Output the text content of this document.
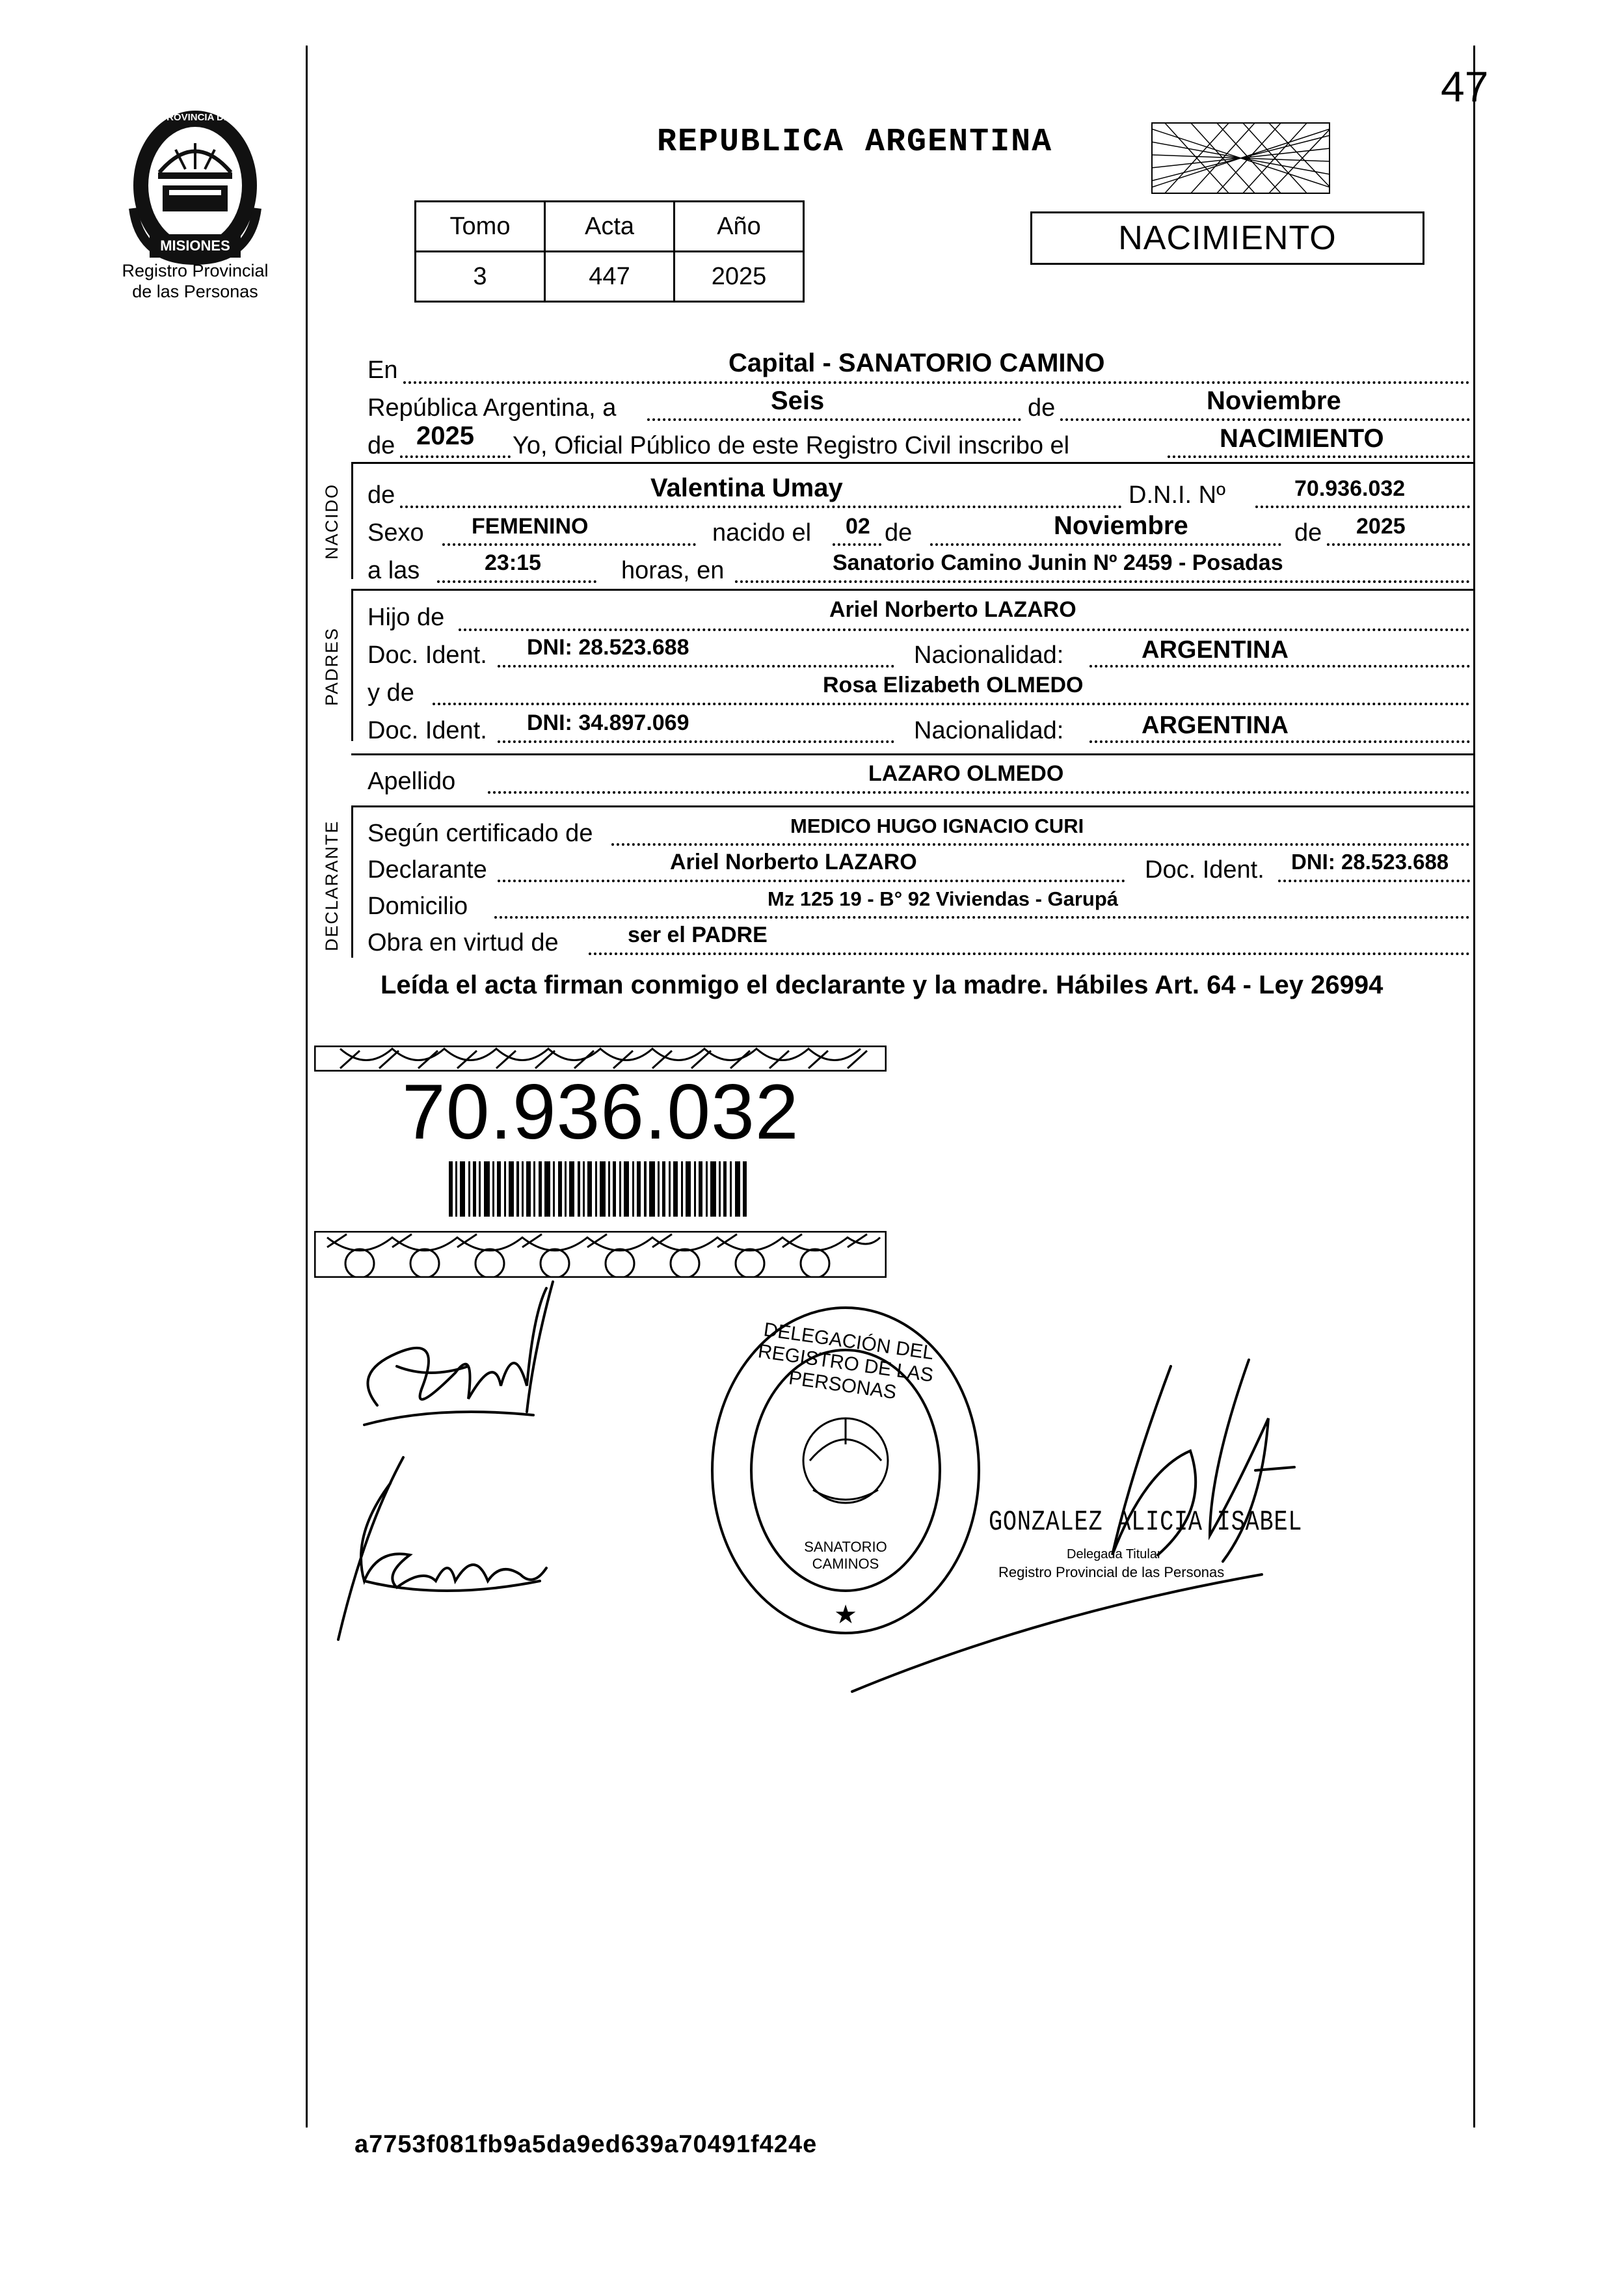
47
MISIONES
PROVINCIA DE
Registro Provincial
de las Personas
REPUBLICA ARGENTINA
Tomo	Acta	Año
3	447	2025
NACIMIENTO
En	Capital - SANATORIO CAMINO
República Argentina, a	Seis	de	Noviembre
de 2025 Yo, Oficial Público de este Registro Civil inscribo el	NACIMIENTO
NACIDO de	Valentina Umay	D.N.I. Nº	70.936.032
Sexo FEMENINO	nacido el 02 de	Noviembre	de 2025
a las	23:15	horas, en	Sanatorio Camino Junin Nº 2459 - Posadas
PADRES
Hijo de	Ariel Norberto LAZARO
Doc. Ident. DNI: 28.523.688	Nacionalidad:	ARGENTINA
y de	Rosa Elizabeth OLMEDO
Doc. Ident. DNI: 34.897.069	Nacionalidad:	ARGENTINA
Apellido	LAZARO OLMEDO
DECLARANTE Según certificado de	MEDICO HUGO IGNACIO CURI
Declarante	Ariel Norberto LAZARO	Doc. Ident. DNI: 28.523.688
Domicilio	Mz 125 19 - B° 92 Viviendas - Garupá
Obra en virtud de	ser el PADRE
Leída el acta firman conmigo el declarante y la madre. Hábiles Art. 64 - Ley 26994
70.936.032
★
DELEGACIÓN DEL REGISTRO DE LAS PERSONAS
SANATORIO CAMINOS
GONZALEZ ALICIA ISABEL
Delegada Titular
Registro Provincial de las Personas
a7753f081fb9a5da9ed639a70491f424e
